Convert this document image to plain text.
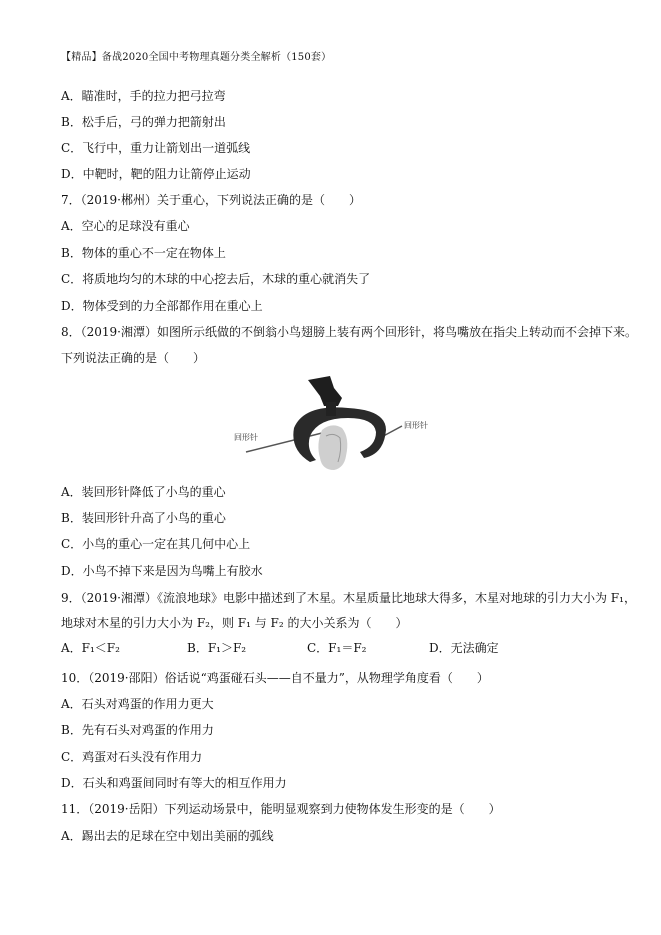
【精品】备战2020全国中考物理真题分类全解析（150套）
A．瞄准时，手的拉力把弓拉弯
B．松手后，弓的弹力把箭射出
C．飞行中，重力让箭划出一道弧线
D．中靶时，靶的阻力让箭停止运动
7．（2019·郴州）关于重心，下列说法正确的是（　　）
A．空心的足球没有重心
B．物体的重心不一定在物体上
C．将质地均匀的木球的中心挖去后，木球的重心就消失了
D．物体受到的力全部都作用在重心上
8．（2019·湘潭）如图所示纸做的不倒翁小鸟翅膀上装有两个回形针，将鸟嘴放在指尖上转动而不会掉下来。
下列说法正确的是（　　）
A．装回形针降低了小鸟的重心
B．装回形针升高了小鸟的重心
C．小鸟的重心一定在其几何中心上
D．小鸟不掉下来是因为鸟嘴上有胶水
9．（2019·湘潭）《流浪地球》电影中描述到了木星。木星质量比地球大得多，木星对地球的引力大小为 F₁，
地球对木星的引力大小为 F₂，则 F₁ 与 F₂ 的大小关系为（　　）
10．（2019·邵阳）俗话说“鸡蛋碰石头——自不量力”，从物理学角度看（　　）
A．石头对鸡蛋的作用力更大
B．先有石头对鸡蛋的作用力
C．鸡蛋对石头没有作用力
D．石头和鸡蛋间同时有等大的相互作用力
11．（2019·岳阳）下列运动场景中，能明显观察到力使物体发生形变的是（　　）
A．踢出去的足球在空中划出美丽的弧线
A．F₁＜F₂	B．F₁＞F₂	C．F₁＝F₂	D．无法确定
回形针
回形针
